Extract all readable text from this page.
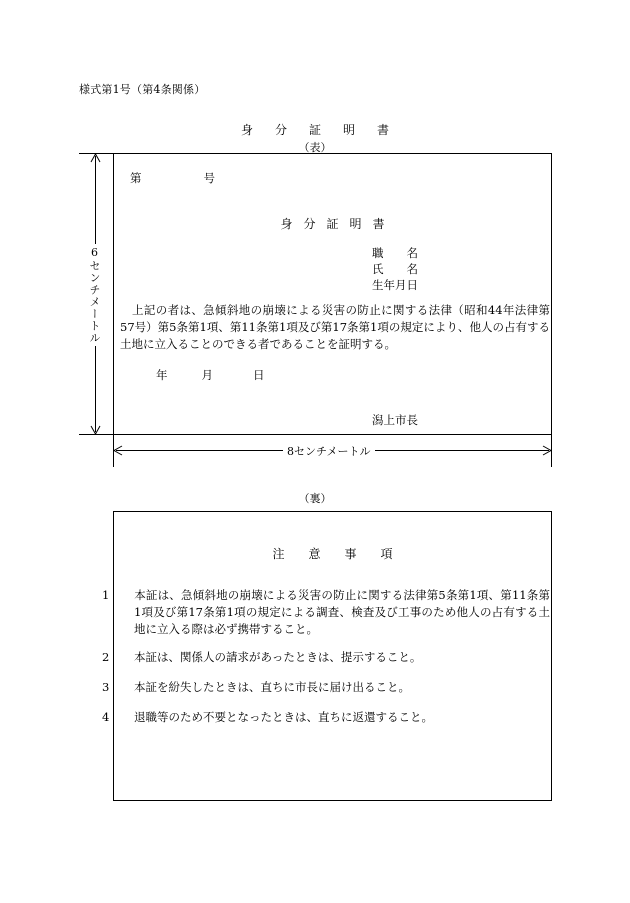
様式第1号（第4条関係）
身分証明書
（表）
6センチメートル
第	号
身分証明書
職　　名
氏　　名
生年月日
上記の者は、急傾斜地の崩壊による災害の防止に関する法律（昭和44年法律第57号）第5条第1項、第11条第1項及び第17条第1項の規定により、他人の占有する土地に立入ることのできる者であることを証明する。
年	月	日
潟上市長
8センチメートル
（裏）
注意事項
1 本証は、急傾斜地の崩壊による災害の防止に関する法律第5条第1項、第11条第1項及び第17条第1項の規定による調査、検査及び工事のため他人の占有する土地に立入る際は必ず携帯すること。
2 本証は、関係人の請求があったときは、提示すること。
3 本証を紛失したときは、直ちに市長に届け出ること。
4 退職等のため不要となったときは、直ちに返還すること。
